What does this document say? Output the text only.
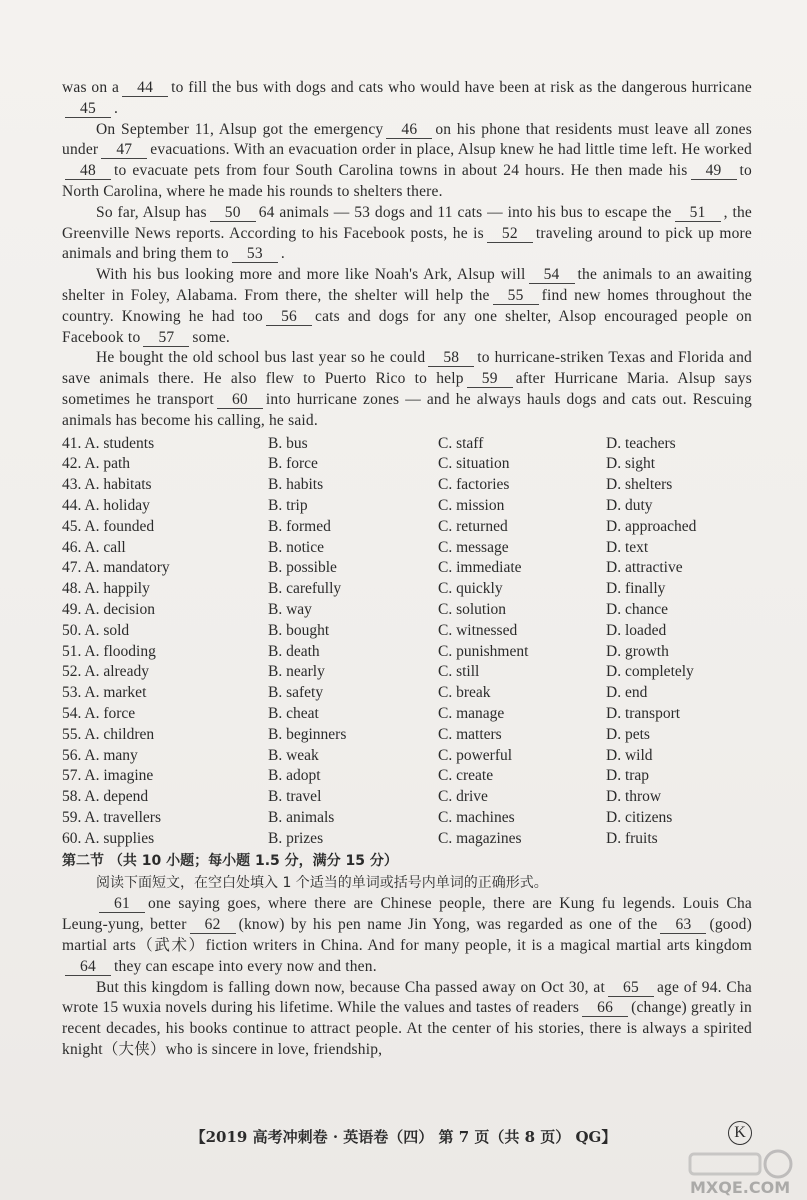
was on a 44 to fill the bus with dogs and cats who would have been at risk as the dangerous hurricane45 .

On September 11, Alsup got the emergency 46 on his phone that residents must leave all zones under 47 evacuations. With an evacuation order in place, Alsup knew he had little time left. He worked48 to evacuate pets from four South Carolina towns in about 24 hours. He then made his 49 to North Carolina, where he made his rounds to shelters there.

So far, Alsup has 50 64 animals — 53 dogs and 11 cats — into his bus to escape the 51 , the Greenville News reports. According to his Facebook posts, he is 52 traveling around to pick up more animals and bring them to 53 .

With his bus looking more and more like Noah's Ark, Alsup will 54 the animals to an awaiting shelter in Foley, Alabama. From there, the shelter will help the 55 find new homes throughout the country. Knowing he had too 56 cats and dogs for any one shelter, Alsop encouraged people on Facebook to 57 some.

He bought the old school bus last year so he could 58 to hurricane-striken Texas and Florida and save animals there. He also flew to Puerto Rico to help 59 after Hurricane Maria. Alsup says sometimes he transport 60 into hurricane zones — and he always hauls dogs and cats out. Rescuing animals has become his calling, he said.

41. A. students	B. bus	C. staff	D. teachers
42. A. path	B. force	C. situation	D. sight
43. A. habitats	B. habits	C. factories	D. shelters
44. A. holiday	B. trip	C. mission	D. duty
45. A. founded	B. formed	C. returned	D. approached
46. A. call	B. notice	C. message	D. text
47. A. mandatory	B. possible	C. immediate	D. attractive
48. A. happily	B. carefully	C. quickly	D. finally
49. A. decision	B. way	C. solution	D. chance
50. A. sold	B. bought	C. witnessed	D. loaded
51. A. flooding	B. death	C. punishment	D. growth
52. A. already	B. nearly	C. still	D. completely
53. A. market	B. safety	C. break	D. end
54. A. force	B. cheat	C. manage	D. transport
55. A. children	B. beginners	C. matters	D. pets
56. A. many	B. weak	C. powerful	D. wild
57. A. imagine	B. adopt	C. create	D. trap
58. A. depend	B. travel	C. drive	D. throw
59. A. travellers	B. animals	C. machines	D. citizens
60. A. supplies	B. prizes	C. magazines	D. fruits
第二节 （共 10 小题；每小题 1.5 分，满分 15 分）
阅读下面短文，在空白处填入 1 个适当的单词或括号内单词的正确形式。

61 one saying goes, where there are Chinese people, there are Kung fu legends. Louis Cha Leung-yung, better 62 (know) by his pen name Jin Yong, was regarded as one of the 63 (good) martial arts（武术）fiction writers in China. And for many people, it is a magical martial arts kingdom64 they can escape into every now and then.

But this kingdom is falling down now, because Cha passed away on Oct 30, at 65 age of 94. Cha wrote 15 wuxia novels during his lifetime. While the values and tastes of readers 66 (change) greatly in recent decades, his books continue to attract people. At the center of his stories, there is always a spirited knight（大侠）who is sincere in love, friendship,

【2019 高考冲刺卷 · 英语卷（四） 第 7 页（共 8 页） QG】	K
MXQE.COM
